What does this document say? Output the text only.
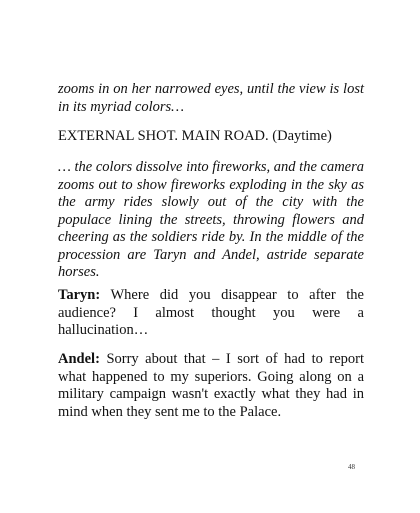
zooms in on her narrowed eyes, until the view is lost in its myriad colors…

EXTERNAL SHOT. MAIN ROAD. (Daytime)

… the colors dissolve into fireworks, and the camera zooms out to show fireworks exploding in the sky as the army rides slowly out of the city with the populace lining the streets, throwing flowers and cheering as the soldiers ride by. In the middle of the procession are Taryn and Andel, astride separate horses.

Taryn: Where did you disappear to after the audience? I almost thought you were a hallucination…

Andel: Sorry about that – I sort of had to report what happened to my superiors. Going along on a military campaign wasn't exactly what they had in mind when they sent me to the Palace.

48
